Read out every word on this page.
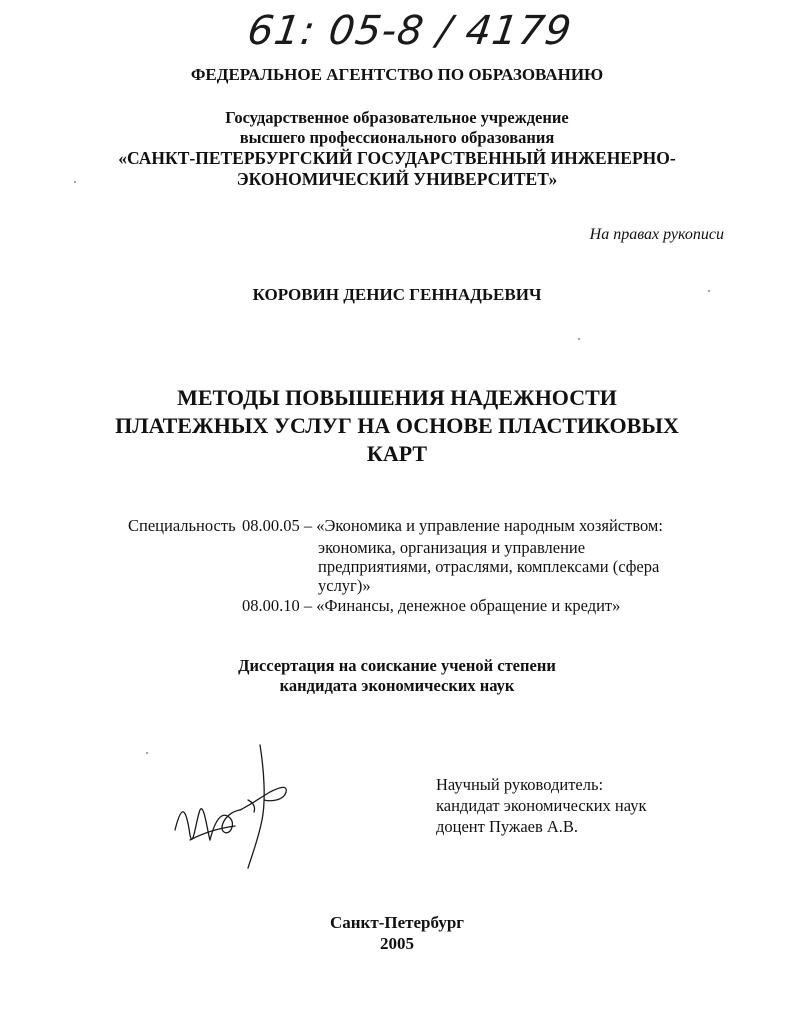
61: 05-8 / 4179
ФЕДЕРАЛЬНОЕ АГЕНТСТВО ПО ОБРАЗОВАНИЮ
Государственное образовательное учреждение
высшего профессионального образования
«САНКТ-ПЕТЕРБУРГСКИЙ ГОСУДАРСТВЕННЫЙ ИНЖЕНЕРНО-
ЭКОНОМИЧЕСКИЙ УНИВЕРСИТЕТ»
На правах рукописи
КОРОВИН ДЕНИС ГЕННАДЬЕВИЧ
МЕТОДЫ ПОВЫШЕНИЯ НАДЕЖНОСТИ
ПЛАТЕЖНЫХ УСЛУГ НА ОСНОВЕ ПЛАСТИКОВЫХ
КАРТ
Специальность 08.00.05 – «Экономика и управление народным хозяйством:
экономика, организация и управление
предприятиями, отраслями, комплексами (сфера
услуг)»
08.00.10 – «Финансы, денежное обращение и кредит»
Диссертация на соискание ученой степени
кандидата экономических наук
Научный руководитель:
кандидат экономических наук
доцент Пужаев А.В.
Санкт-Петербург
2005
